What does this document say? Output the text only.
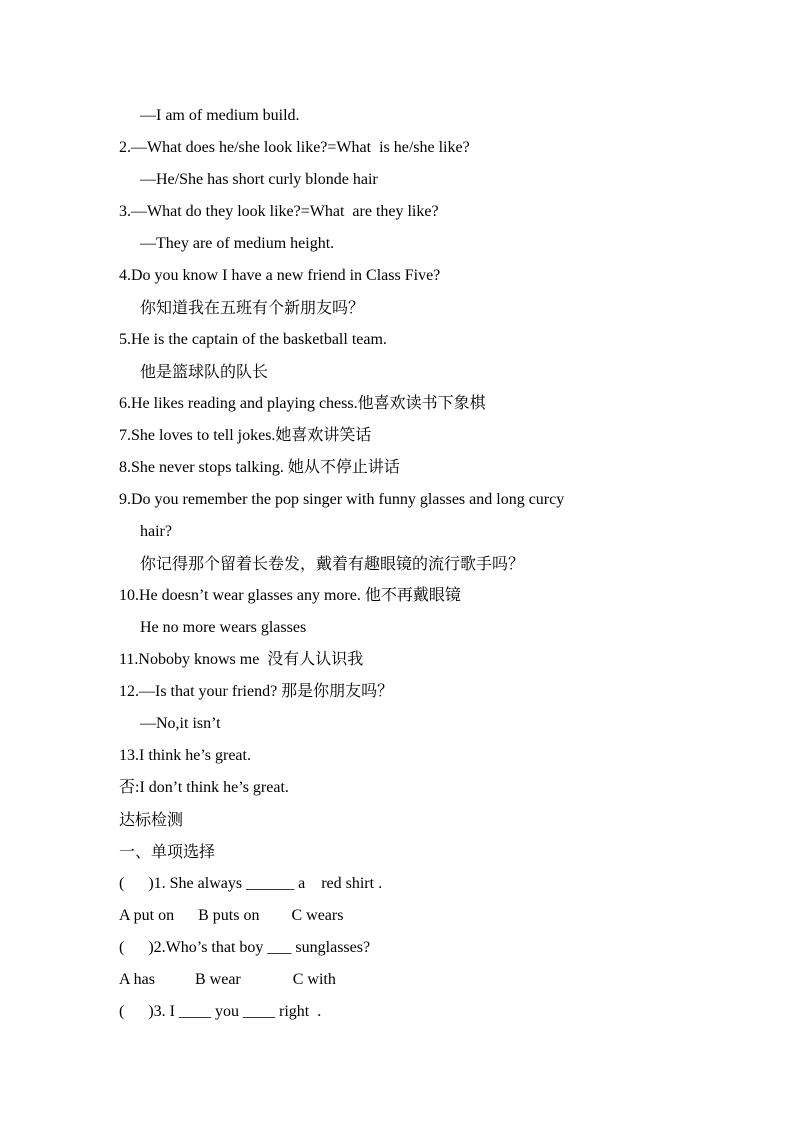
—I am of medium build.
2.—What does he/she look like?=What  is he/she like?
—He/She has short curly blonde hair
3.—What do they look like?=What  are they like?
—They are of medium height.
4.Do you know I have a new friend in Class Five?
你知道我在五班有个新朋友吗？
5.He is the captain of the basketball team.
他是篮球队的队长
6.He likes reading and playing chess.他喜欢读书下象棋
7.She loves to tell jokes.她喜欢讲笑话
8.She never stops talking. 她从不停止讲话
9.Do you remember the pop singer with funny glasses and long curcy
hair?
你记得那个留着长卷发，戴着有趣眼镜的流行歌手吗？
10.He doesn’t wear glasses any more. 他不再戴眼镜
He no more wears glasses
11.Noboby knows me  没有人认识我
12.—Is that your friend? 那是你朋友吗？
—No,it isn’t
13.I think he’s great.
否:I don’t think he’s great.
达标检测
一、单项选择
(      )1. She always ______ a    red shirt .
A put on      B puts on        C wears
(      )2.Who’s that boy ___ sunglasses?
A has          B wear             C with
(      )3. I ____ you ____ right  .
